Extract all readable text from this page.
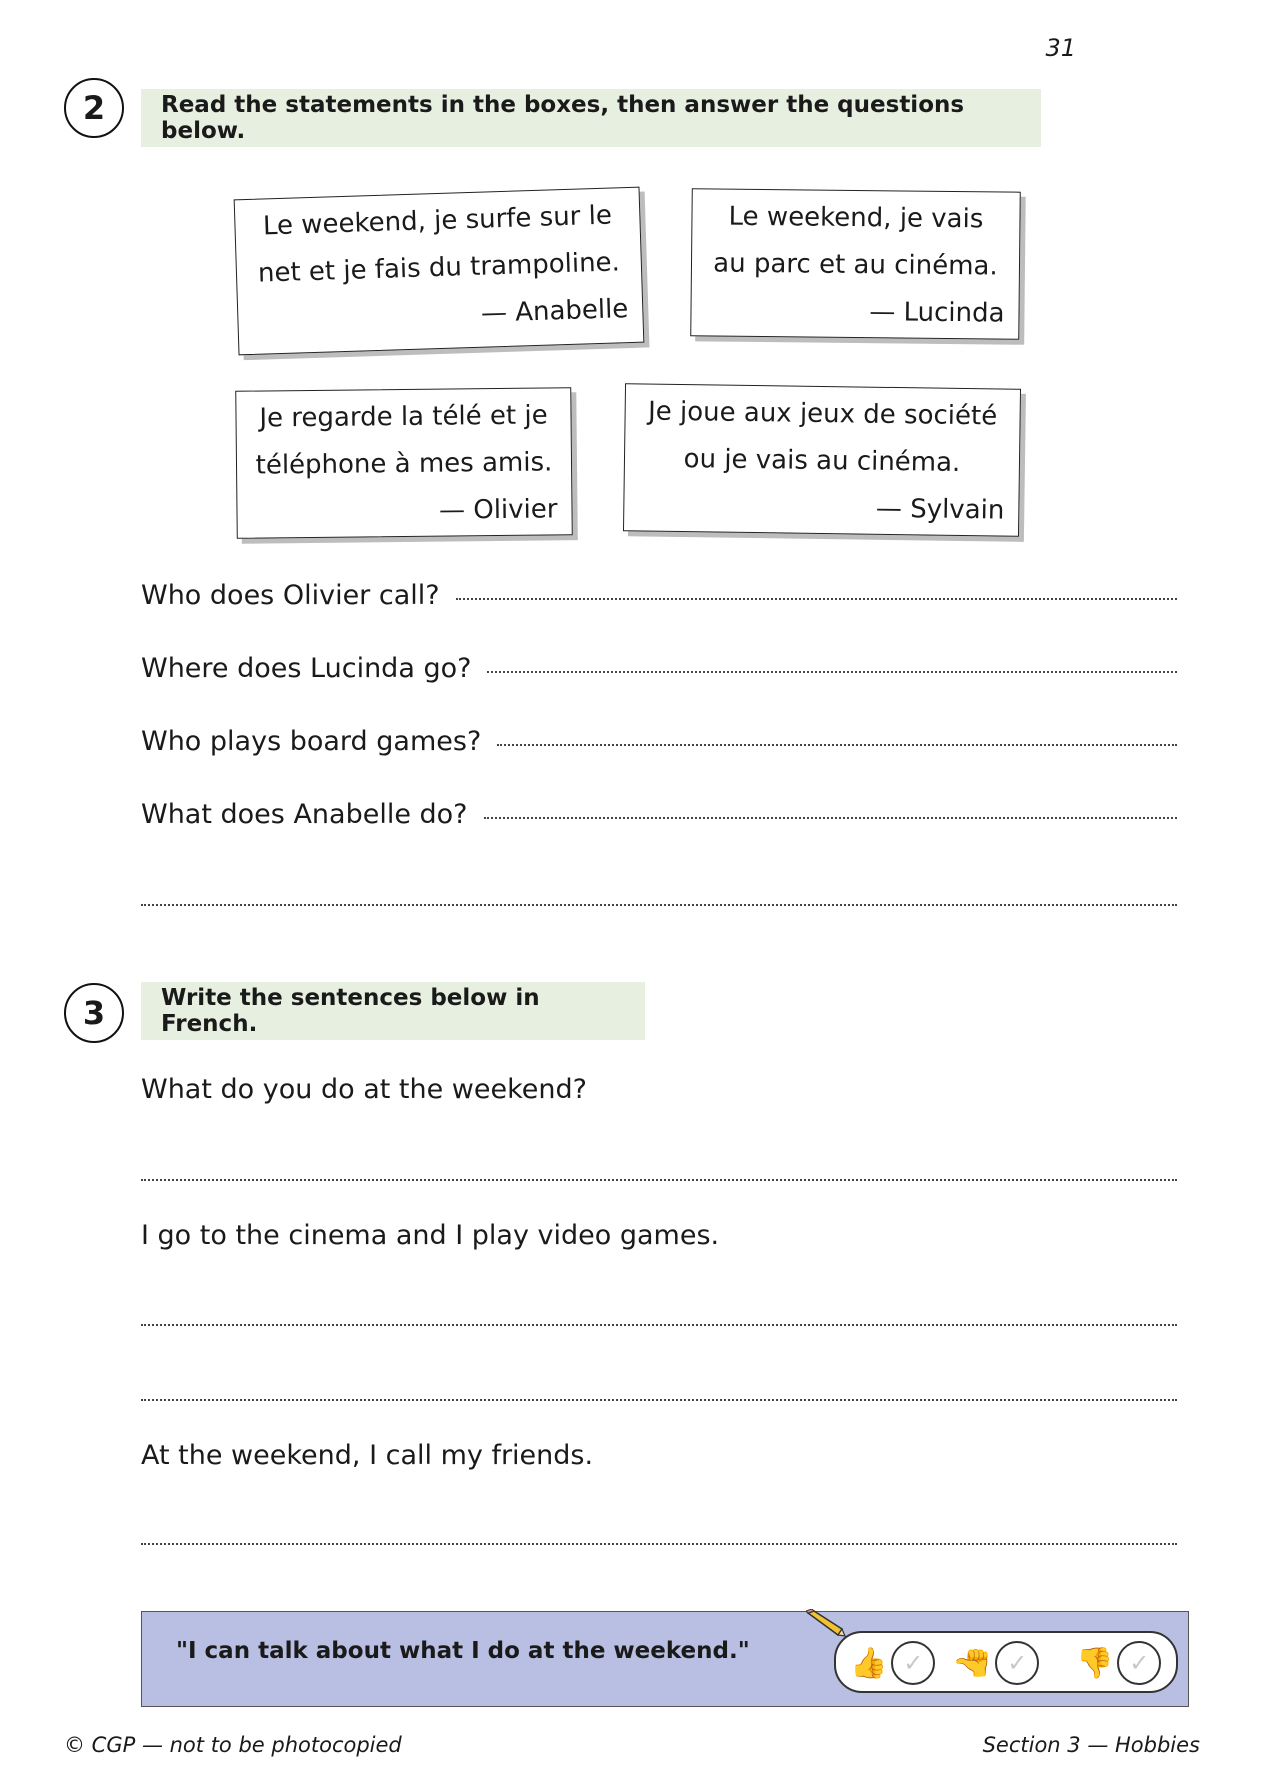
31
2	Read the statements in the boxes, then answer the questions below.
Le weekend, je surfe sur le
net et je fais du trampoline.
— Anabelle
Le weekend, je vais
au parc et au cinéma.
— Lucinda
Je regarde la télé et je
téléphone à mes amis.
— Olivier
Je joue aux jeux de société
ou je vais au cinéma.
— Sylvain
Who does Olivier call?
Where does Lucinda go?
Who plays board games?
What does Anabelle do?
3	Write the sentences below in French.
What do you do at the weekend?
I go to the cinema and I play video games.
At the weekend, I call my friends.
"I can talk about what I do at the weekend."	👍 ✓	👍 ✓	👎 ✓
© CGP — not to be photocopied	Section 3 — Hobbies
